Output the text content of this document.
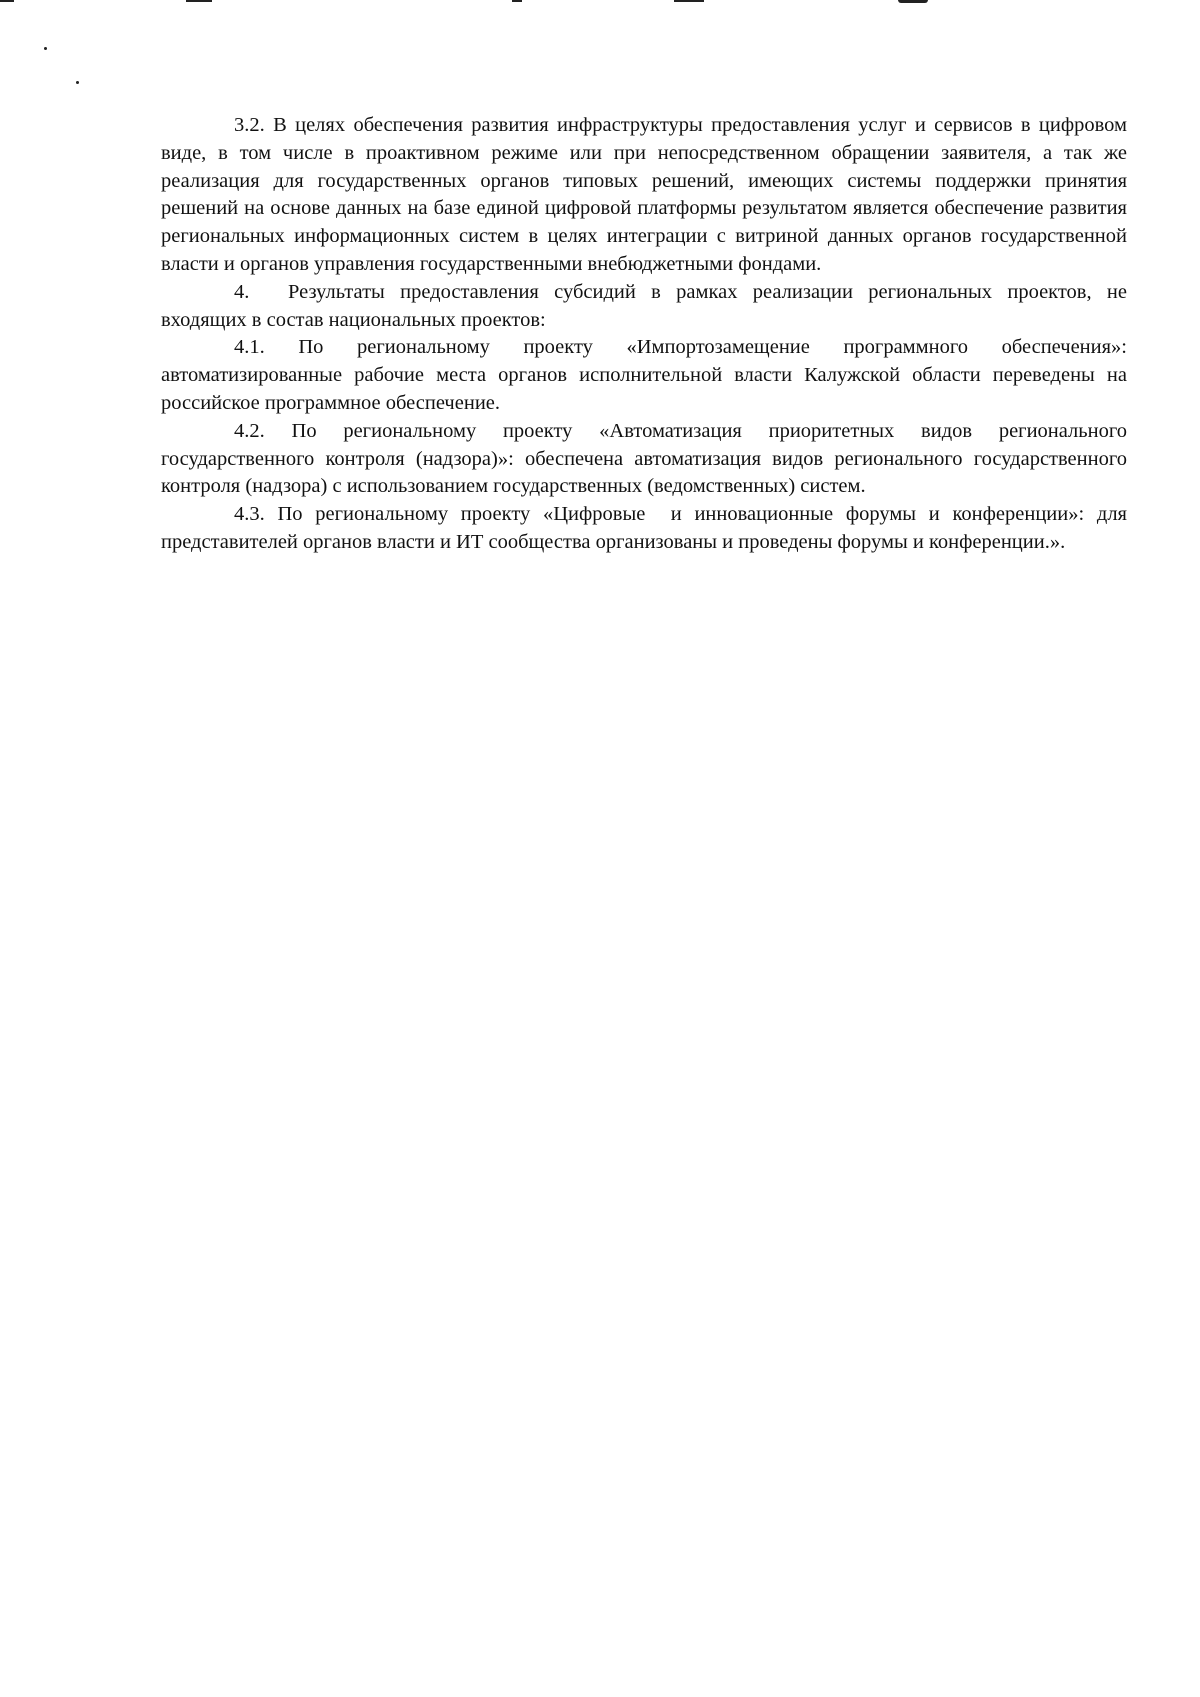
3.2. В целях обеспечения развития инфраструктуры предоставления услуг и сервисов в цифровом виде, в том числе в проактивном режиме или при непосредственном обращении заявителя, а так же реализация для государственных органов типовых решений, имеющих системы поддержки принятия решений на основе данных на базе единой цифровой платформы результатом является обеспечение развития региональных информационных систем в целях интеграции с витриной данных органов государственной власти и органов управления государственными внебюджетными фондами.

4. Результаты предоставления субсидий в рамках реализации региональных проектов, не входящих в состав национальных проектов:

4.1. По региональному проекту «Импортозамещение программного обеспечения»: автоматизированные рабочие места органов исполнительной власти Калужской области переведены на российское программное обеспечение.

4.2. По региональному проекту «Автоматизация приоритетных видов регионального государственного контроля (надзора)»: обеспечена автоматизация видов регионального государственного контроля (надзора) с использованием государственных (ведомственных) систем.

4.3. По региональному проекту «Цифровые  и инновационные форумы и конференции»: для представителей органов власти и ИТ сообщества организованы и проведены форумы и конференции.».
